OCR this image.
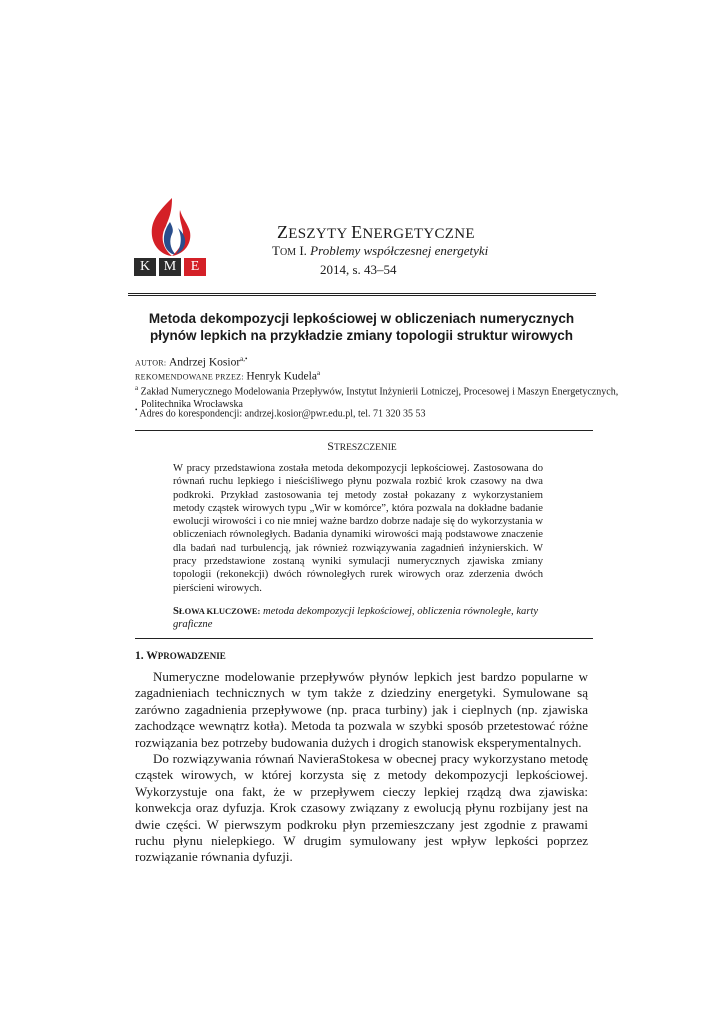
K M	E
ZESZYTY ENERGETYCZNE
TOM I. Problemy współczesnej energetyki
2014, s. 43–54
Metoda dekompozycji lepkościowej w obliczeniach numerycznych
płynów lepkich na przykładzie zmiany topologii struktur wirowych
AUTOR: Andrzej Kosior$^{a,•}$
REKOMENDOWANE PRZEZ: Henryk Kudela$^a$
$^a$ Zakład Numerycznego Modelowania Przepływów, Instytut Inżynierii Lotniczej, Procesowej i Maszyn Energetycznych,
Politechnika Wrocławska
• Adres do korespondencji: andrzej.kosior@pwr.edu.pl, tel. 71 320 35 53
STRESZCZENIE
W pracy przedstawiona została metoda dekompozycji lepkościowej. Zastosowana do równań ruchu lepkiego i nieściśliwego płynu pozwala rozbić krok czasowy na dwa podkroki. Przykład zastosowania tej metody został pokazany z wykorzystaniem metody cząstek wirowych typu „Wir w komórce”, która pozwala na dokładne badanie ewolucji wirowości i co nie mniej ważne bardzo dobrze nadaje się do wykorzystania w obliczeniach równoległych. Badania dynamiki wirowości mają podstawowe znaczenie dla badań nad turbulencją, jak również rozwiązywania zagadnień inżynierskich. W pracy przedstawione zostaną wyniki symulacji numerycznych zjawiska zmiany topologii (rekonekcji) dwóch równoległych rurek wirowych oraz zderzenia dwóch pierścieni wirowych.
SŁOWA KLUCZOWE: metoda dekompozycji lepkościowej, obliczenia równoległe, karty graficzne
1. WPROWADZENIE

Numeryczne modelowanie przepływów płynów lepkich jest bardzo popularne w zagadnieniach technicznych w tym także z dziedziny energetyki. Symulowane są zarówno zagadnienia przepływowe (np. praca turbiny) jak i cieplnych (np. zjawiska zachodzące wewnątrz kotła). Metoda ta pozwala w szybki sposób przetestować różne rozwiązania bez potrzeby budowania dużych i drogich stanowisk eksperymentalnych.

Do rozwiązywania równań NavieraStokesa w obecnej pracy wykorzystano metodę cząstek wirowych, w której korzysta się z metody dekompozycji lepkościowej. Wykorzystuje ona fakt, że w przepływem cieczy lepkiej rządzą dwa zjawiska: konwekcja oraz dyfuzja. Krok czasowy związany z ewolucją płynu rozbijany jest na dwie części. W pierwszym podkroku płyn przemieszczany jest zgodnie z prawami ruchu płynu nielepkiego. W drugim symulowany jest wpływ lepkości poprzez rozwiązanie równania dyfuzji.
